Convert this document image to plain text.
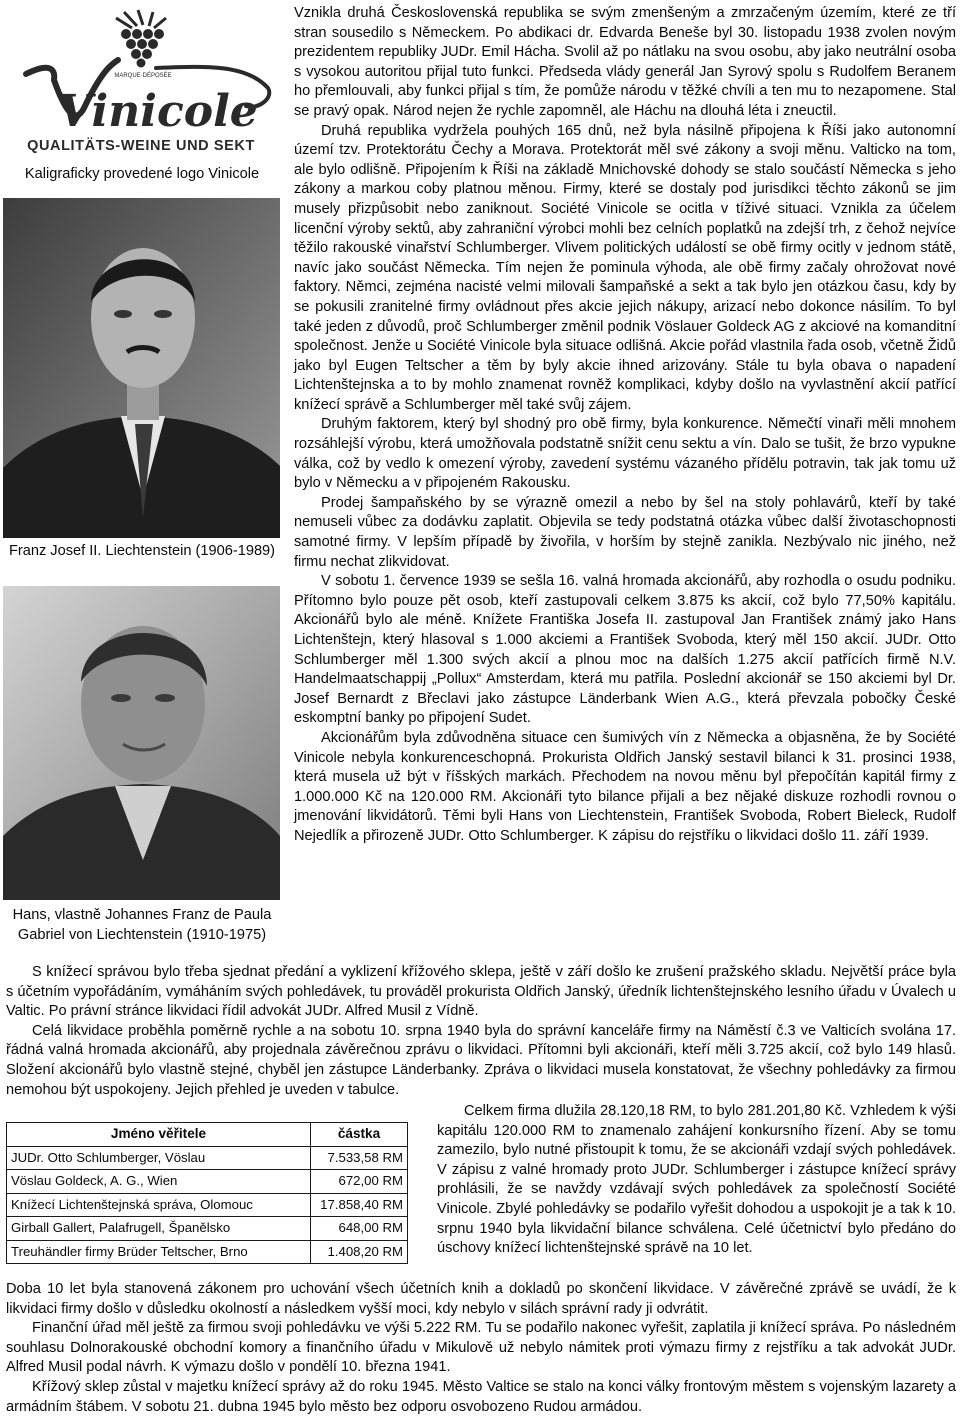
MARQUE·DÉPOSÉE
Vinicole
QUALITÄTS-WEINE UND SEKT
Kaligraficky provedené logo Vinicole
Franz Josef II. Liechtenstein (1906-1989)
Hans, vlastně Johannes Franz de Paula
Gabriel von Liechtenstein (1910-1975)

Vznikla druhá Československá republika se svým zmenšeným a zmrzačeným územím, které ze tří stran sousedilo s Německem. Po abdikaci dr. Edvarda Beneše byl 30. listopadu 1938 zvolen novým prezidentem republiky JUDr. Emil Hácha. Svolil až po nátlaku na svou osobu, aby jako neutrální osoba s vysokou autoritou přijal tuto funkci. Předseda vlády generál Jan Syrový spolu s Rudolfem Beranem ho přemlouvali, aby funkci přijal s tím, že pomůže národu v těžké chvíli a ten mu to nezapomene. Stal se pravý opak. Národ nejen že rychle zapomněl, ale Háchu na dlouhá léta i zneuctil.

Druhá republika vydržela pouhých 165 dnů, než byla násilně připojena k Říši jako autonomní území tzv. Protektorátu Čechy a Morava. Protektorát měl své zákony a svoji měnu. Valticko na tom, ale bylo odlišně. Připojením k Říši na základě Mnichovské dohody se stalo součástí Německa s jeho zákony a markou coby platnou měnou. Firmy, které se dostaly pod jurisdikci těchto zákonů se jim musely přizpůsobit nebo zaniknout. Société Vinicole se ocitla v tíživé situaci. Vznikla za účelem licenční výroby sektů, aby zahraniční výrobci mohli bez celních poplatků na zdejší trh, z čehož nejvíce těžilo rakouské vinařství Schlumberger. Vlivem politických událostí se obě firmy ocitly v jednom státě, navíc jako součást Německa. Tím nejen že pominula výhoda, ale obě firmy začaly ohrožovat nové faktory. Němci, zejména nacisté velmi milovali šampaňské a sekt a tak bylo jen otázkou času, kdy by se pokusili zranitelné firmy ovládnout přes akcie jejich nákupy, arizací nebo dokonce násilím. To byl také jeden z důvodů, proč Schlumberger změnil podnik Vöslauer Goldeck AG z akciové na komanditní společnost. Jenže u Société Vinicole byla situace odlišná. Akcie pořád vlastnila řada osob, včetně Židů jako byl Eugen Teltscher a těm by byly akcie ihned arizovány. Stále tu byla obava o napadení Lichtenštejnska a to by mohlo znamenat rovněž komplikaci, kdyby došlo na vyvlastnění akcií patřící knížecí správě a Schlumberger měl také svůj zájem.

Druhým faktorem, který byl shodný pro obě firmy, byla konkurence. Němečtí vinaři měli mnohem rozsáhlejší výrobu, která umožňovala podstatně snížit cenu sektu a vín. Dalo se tušit, že brzo vypukne válka, což by vedlo k omezení výroby, zavedení systému vázaného přídělu potravin, tak jak tomu už bylo v Německu a v připojeném Rakousku.

Prodej šampaňského by se výrazně omezil a nebo by šel na stoly pohlavárů, kteří by také nemuseli vůbec za dodávku zaplatit. Objevila se tedy podstatná otázka vůbec další životaschopnosti samotné firmy. V lepším případě by živořila, v horším by stejně zanikla. Nezbývalo nic jiného, než firmu nechat zlikvidovat.

V sobotu 1. července 1939 se sešla 16. valná hromada akcionářů, aby rozhodla o osudu podniku. Přítomno bylo pouze pět osob, kteří zastupovali celkem 3.875 ks akcií, což bylo 77,50% kapitálu. Akcionářů bylo ale méně. Knížete Františka Josefa II. zastupoval Jan František známý jako Hans Lichtenštejn, který hlasoval s 1.000 akciemi a František Svoboda, který měl 150 akcií. JUDr. Otto Schlumberger měl 1.300 svých akcií a plnou moc na dalších 1.275 akcií patřících firmě N.V. Handelmaatschappij „Pollux“ Amsterdam, která mu patřila. Poslední akcionář se 150 akciemi byl Dr. Josef Bernardt z Břeclavi jako zástupce Länderbank Wien A.G., která převzala pobočky České eskomptní banky po připojení Sudet.

Akcionářům byla zdůvodněna situace cen šumivých vín z Německa a objasněna, že by Société Vinicole nebyla konkurenceschopná. Prokurista Oldřich Janský sestavil bilanci k 31. prosinci 1938, která musela už být v říšských markách. Přechodem na novou měnu byl přepočítán kapitál firmy z 1.000.000 Kč na 120.000 RM. Akcionáři tyto bilance přijali a bez nějaké diskuze rozhodli rovnou o jmenování likvidátorů. Těmi byli Hans von Liechtenstein, František Svoboda, Robert Bieleck, Rudolf Nejedlík a přirozeně JUDr. Otto Schlumberger. K zápisu do rejstříku o likvidaci došlo 11. září 1939.

S knížecí správou bylo třeba sjednat předání a vyklizení křížového sklepa, ještě v září došlo ke zrušení pražského skladu. Největší práce byla s účetním vypořádáním, vymáháním svých pohledávek, tu prováděl prokurista Oldřich Janský, úředník lichtenštejnského lesního úřadu v Úvalech u Valtic. Po právní stránce likvidaci řídil advokát JUDr. Alfred Musil z Vídně.

Celá likvidace proběhla poměrně rychle a na sobotu 10. srpna 1940 byla do správní kanceláře firmy na Náměstí č.3 ve Valticích svolána 17. řádná valná hromada akcionářů, aby projednala závěrečnou zprávu o likvidaci. Přítomni byli akcionáři, kteří měli 3.725 akcií, což bylo 149 hlasů. Složení akcionářů bylo vlastně stejné, chyběl jen zástupce Länderbanky. Zpráva o likvidaci musela konstatovat, že všechny pohledávky za firmou nemohou být uspokojeny. Jejich přehled je uveden v tabulce.

Jméno věřitele	částka
JUDr. Otto Schlumberger, Vöslau	7.533,58 RM
Vöslau Goldeck, A. G., Wien	672,00 RM
Knížecí Lichtenštejnská správa, Olomouc	17.858,40 RM
Girball Gallert, Palafrugell, Španělsko	648,00 RM
Treuhändler firmy Brüder Teltscher, Brno	1.408,20 RM

Celkem firma dlužila 28.120,18 RM, to bylo 281.201,80 Kč. Vzhledem k výši kapitálu 120.000 RM to znamenalo zahájení konkursního řízení. Aby se tomu zamezilo, bylo nutné přistoupit k tomu, že se akcionáři vzdají svých pohledávek. V zápisu z valné hromady proto JUDr. Schlumberger i zástupce knížecí správy prohlásili, že se navždy vzdávají svých pohledávek za společností Société Vinicole. Zbylé pohledávky se podařilo vyřešit dohodou a uspokojit je a tak k 10. srpnu 1940 byla likvidační bilance schválena. Celé účetnictví bylo předáno do úschovy knížecí lichtenštejnské správě na 10 let.

Doba 10 let byla stanovená zákonem pro uchování všech účetních knih a dokladů po skončení likvidace. V závěrečné zprávě se uvádí, že k likvidaci firmy došlo v důsledku okolností a následkem vyšší moci, kdy nebylo v silách správní rady ji odvrátit.

Finanční úřad měl ještě za firmou svoji pohledávku ve výši 5.222 RM. Tu se podařilo nakonec vyřešit, zaplatila ji knížecí správa. Po následném souhlasu Dolnorakouské obchodní komory a finančního úřadu v Mikulově už nebylo námitek proti výmazu firmy z rejstříku a tak advokát JUDr. Alfred Musil podal návrh. K výmazu došlo v pondělí 10. března 1941.

Křížový sklep zůstal v majetku knížecí správy až do roku 1945. Město Valtice se stalo na konci války frontovým městem s vojenským lazarety a armádním štábem. V sobotu 21. dubna 1945 bylo město bez odporu osvobozeno Rudou armádou.
